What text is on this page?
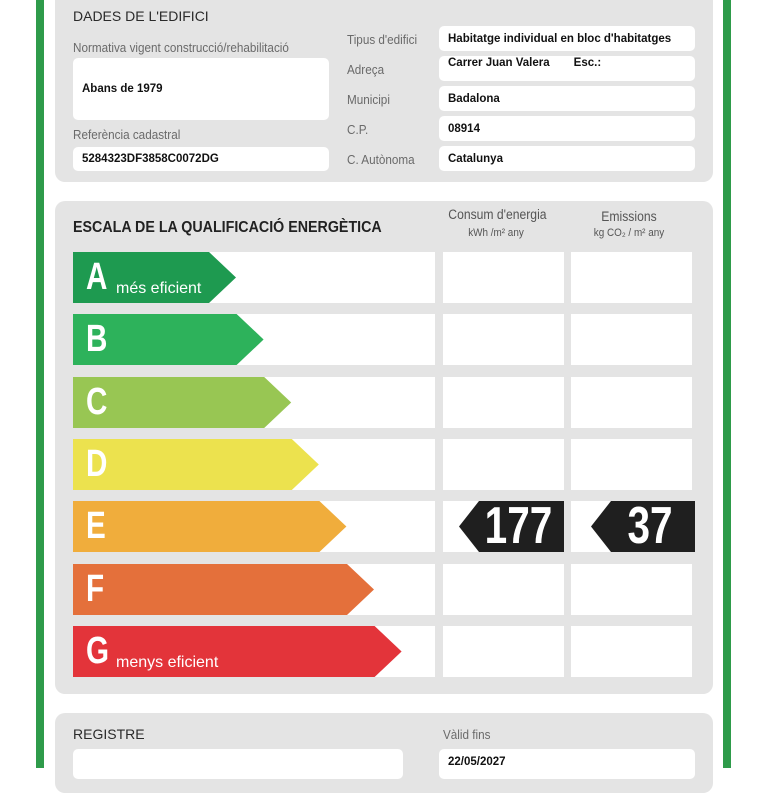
DADES DE L'EDIFICI
Normativa vigent construcció/rehabilitació
Abans de 1979
Referència cadastral
5284323DF3858C0072DG
Tipus d'edifici	Habitatge individual en bloc d'habitatges
Adreça	Carrer Juan Valera Esc.:
Municipi	Badalona
C.P.	08914
C. Autònoma	Catalunya
ESCALA DE LA QUALIFICACIÓ ENERGÈTICA
Consum d'energia
kWh /m² any
Emissions
kg CO₂ / m² any
A més eficient
B
C
D
E	177 37
F
G menys eficient
REGISTRE	Vàlid fins
22/05/2027
